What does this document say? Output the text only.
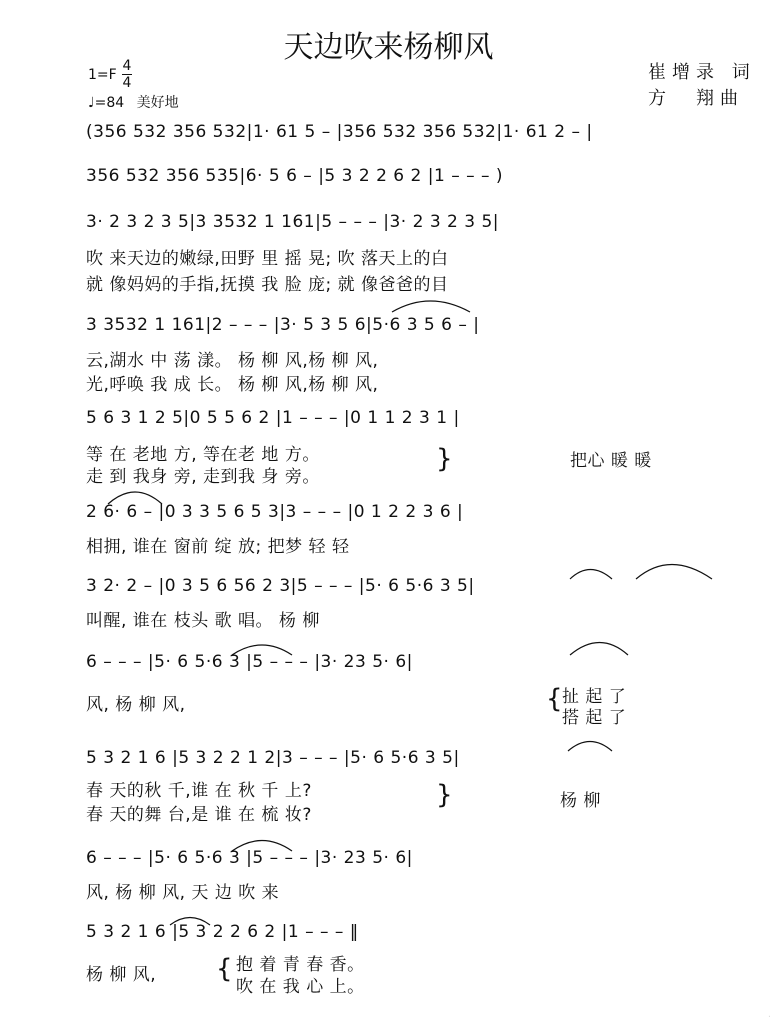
天边吹来杨柳风
1=F
4
4
♩=84 美好地
崔增录 词
方　翔曲
(356 532 356 532|1· 61 5 – |356 532 356 532|1· 61 2 – |
356 532 356 535|6· 5 6 – |5 3 2 2 6 2 |1 – – – )
3· 2 3 2 3 5|3 3532 1 161|5 – – – |3· 2 3 2 3 5|
吹 来天边的嫩绿,田野 里 摇 晃; 吹 落天上的白
就 像妈妈的手指,抚摸 我 脸 庞; 就 像爸爸的目
3 3532 1 161|2 – – – |3· 5 3 5 6|5·6 3 5 6 – |
云,湖水 中 荡 漾。 杨 柳 风,杨 柳 风,
光,呼唤 我 成 长。 杨 柳 风,杨 柳 风,
5 6 3 1 2 5|0 5 5 6 2 |1 – – – |0 1 1 2 3 1 |
等 在 老地 方, 等在老 地 方。
走 到 我身 旁, 走到我 身 旁。
}	把心 暖 暖
2 6· 6 – |0 3 3 5 6 5 3|3 – – – |0 1 2 2 3 6 |
相拥, 谁在 窗前 绽 放; 把梦 轻 轻
3 2· 2 – |0 3 5 6 56 2 3|5 – – – |5· 6 5·6 3 5|
叫醒, 谁在 枝头 歌 唱。 杨 柳
6 – – – |5· 6 5·6 3 |5 – – – |3· 23 5· 6|
风, 杨 柳 风,	{ 扯 起 了
搭 起 了
5 3 2 1 6 |5 3 2 2 1 2|3 – – – |5· 6 5·6 3 5|
春 天的秋 千,谁 在 秋 千 上?
春 天的舞 台,是 谁 在 梳 妆?
}	杨 柳
6 – – – |5· 6 5·6 3 |5 – – – |3· 23 5· 6|
风, 杨 柳 风, 天 边 吹 来
5 3 2 1 6 |5 3 2 2 6 2 |1 – – – ‖
杨 柳 风, { 抱 着 青 春 香。
吹 在 我 心 上。
·
